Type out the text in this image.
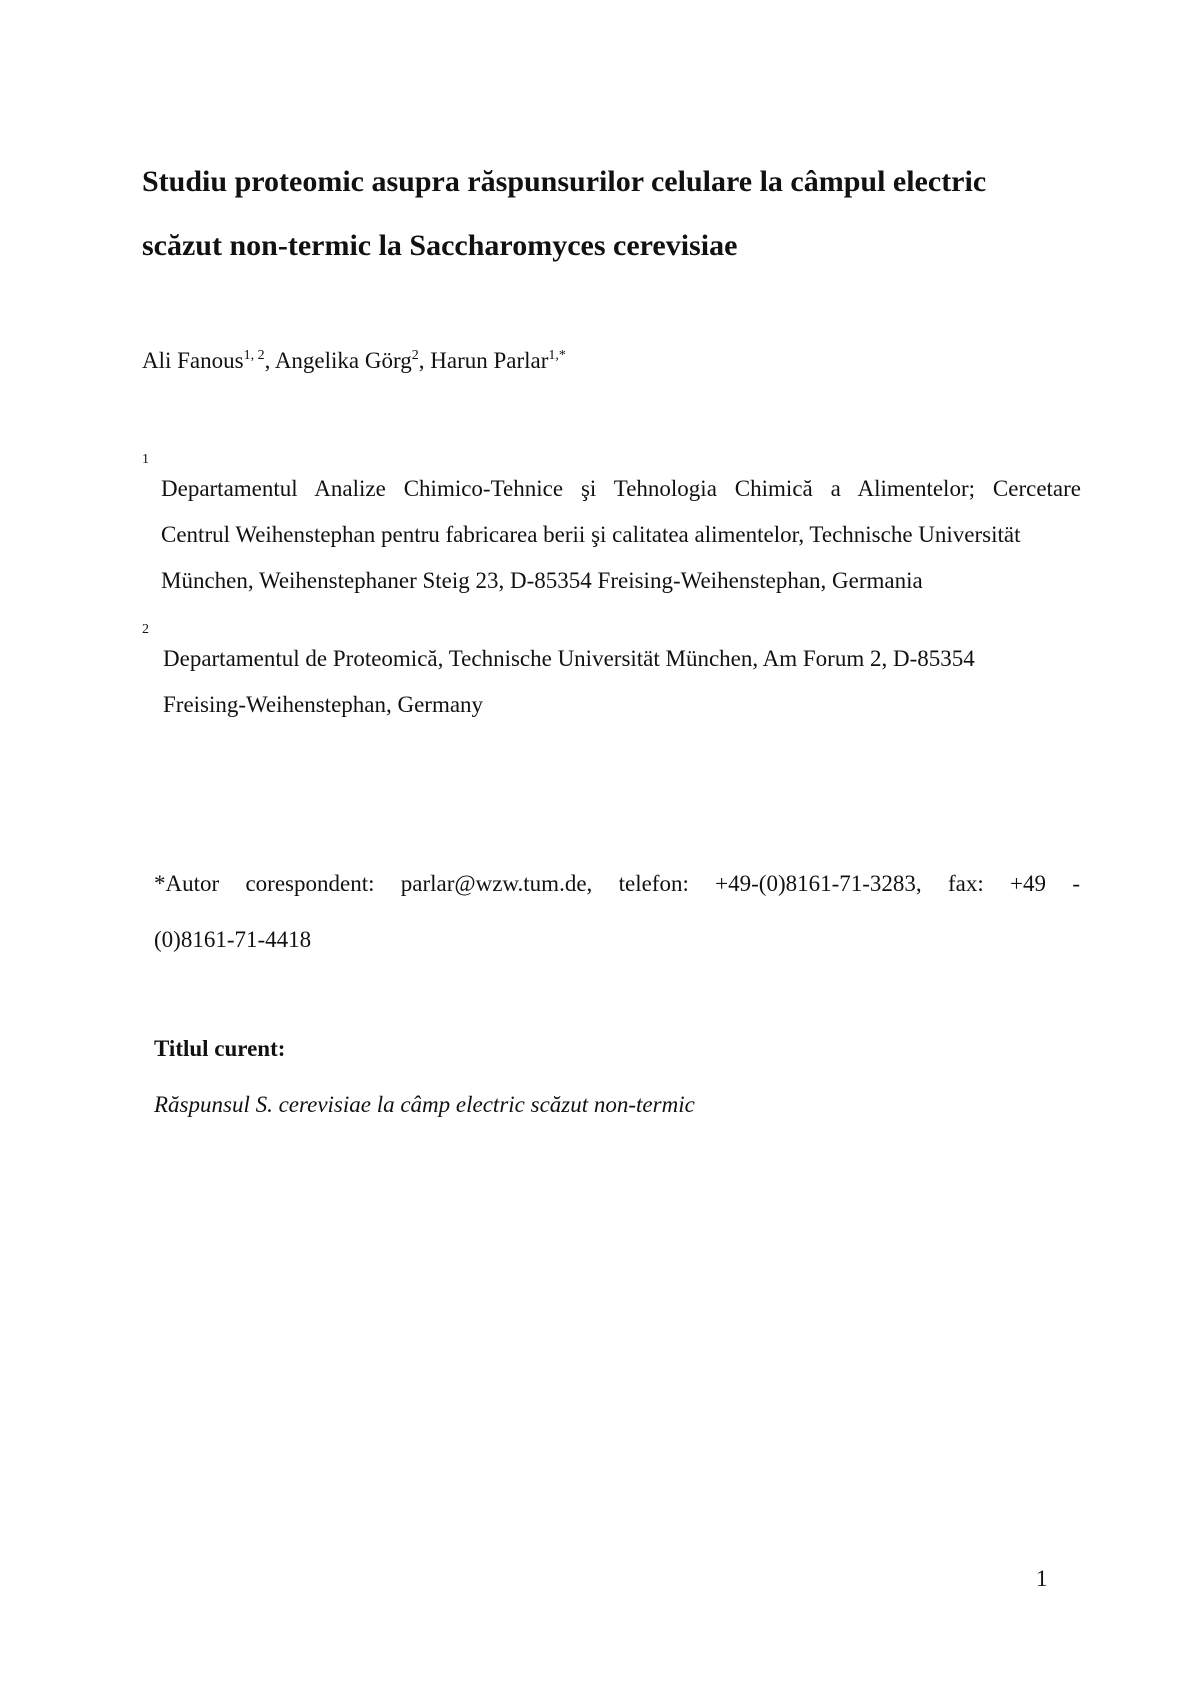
Studiu proteomic asupra răspunsurilor celulare la câmpul electric
scăzut non-termic la Saccharomyces cerevisiae
Ali Fanous$^{1, 2}$, Angelika Görg$^2$, Harun Parlar$^{1,*}$
1
Departamentul Analize Chimico-Tehnice şi Tehnologia Chimică a Alimentelor; Cercetare
Centrul Weihenstephan pentru fabricarea berii şi calitatea alimentelor, Technische Universität
München, Weihenstephaner Steig 23, D-85354 Freising-Weihenstephan, Germania
2
Departamentul de Proteomică, Technische Universität München, Am Forum 2, D-85354
Freising-Weihenstephan, Germany
*Autor corespondent: parlar@wzw.tum.de, telefon: +49-(0)8161-71-3283, fax: +49 -
(0)8161-71-4418
Titlul curent:
Răspunsul S. cerevisiae la câmp electric scăzut non-termic
1
